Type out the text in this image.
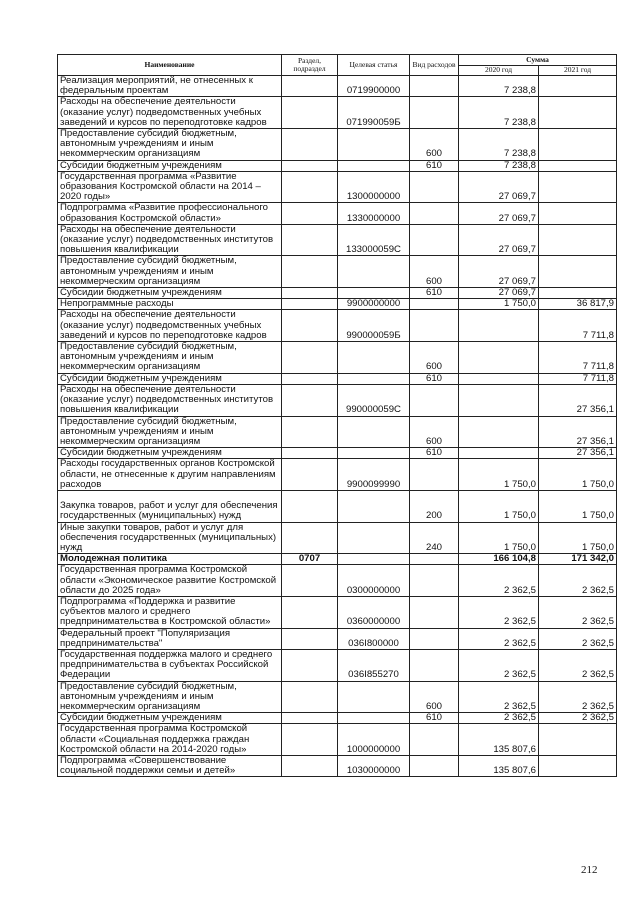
Наименование	Раздел, подраздел	Целевая статья	Вид расходов	Сумма	
				2020 год	2021 год
Реализация мероприятий, не отнесенных к федеральным проектам		0719900000		7 238,8	
Расходы на обеспечение деятельности (оказание услуг) подведомственных учебных заведений и курсов по переподготовке кадров		071990059Б		7 238,8	
Предоставление субсидий бюджетным, автономным учреждениям и иным некоммерческим организациям			600	7 238,8	
Субсидии бюджетным учреждениям			610	7 238,8	
Государственная программа «Развитие образования Костромской области на 2014 – 2020 годы»		1300000000		27 069,7	
Подпрограмма «Развитие профессионального образования Костромской области»		1330000000		27 069,7	
Расходы на обеспечение деятельности (оказание услуг) подведомственных институтов повышения квалификации		133000059С		27 069,7	
Предоставление субсидий бюджетным, автономным учреждениям и иным некоммерческим организациям			600	27 069,7	
Субсидии бюджетным учреждениям			610	27 069,7	
Непрограммные расходы		9900000000		1 750,0	36 817,9
Расходы на обеспечение деятельности (оказание услуг) подведомственных учебных заведений и курсов по переподготовке кадров		990000059Б			7 711,8
Предоставление субсидий бюджетным, автономным учреждениям и иным некоммерческим организациям			600		7 711,8
Субсидии бюджетным учреждениям			610		7 711,8
Расходы на обеспечение деятельности (оказание услуг) подведомственных институтов повышения квалификации		990000059С			27 356,1
Предоставление субсидий бюджетным, автономным учреждениям и иным некоммерческим организациям			600		27 356,1
Субсидии бюджетным учреждениям			610		27 356,1
Расходы государственных органов Костромской области, не отнесенные к другим направлениям расходов		9900099990		1 750,0	1 750,0
Закупка товаров, работ и услуг для обеспечения государственных (муниципальных) нужд			200	1 750,0	1 750,0
Иные закупки товаров, работ и услуг для обеспечения государственных (муниципальных) нужд			240	1 750,0	1 750,0
Молодежная политика	0707			166 104,8	171 342,0
Государственная программа Костромской области «Экономическое развитие Костромской области до 2025 года»		0300000000		2 362,5	2 362,5
Подпрограмма «Поддержка и развитие субъектов малого и среднего предпринимательства в Костромской области»		0360000000		2 362,5	2 362,5
Федеральный проект "Популяризация предпринимательства"		036I800000		2 362,5	2 362,5
Государственная поддержка малого и среднего предпринимательства в субъектах Российской Федерации		036I855270		2 362,5	2 362,5
Предоставление субсидий бюджетным, автономным учреждениям и иным некоммерческим организациям			600	2 362,5	2 362,5
Субсидии бюджетным учреждениям			610	2 362,5	2 362,5
Государственная программа Костромской области «Социальная поддержка граждан Костромской области на 2014-2020 годы»		1000000000		135 807,6	
Подпрограмма «Совершенствование социальной поддержки семьи и детей»		1030000000		135 807,6	
212
